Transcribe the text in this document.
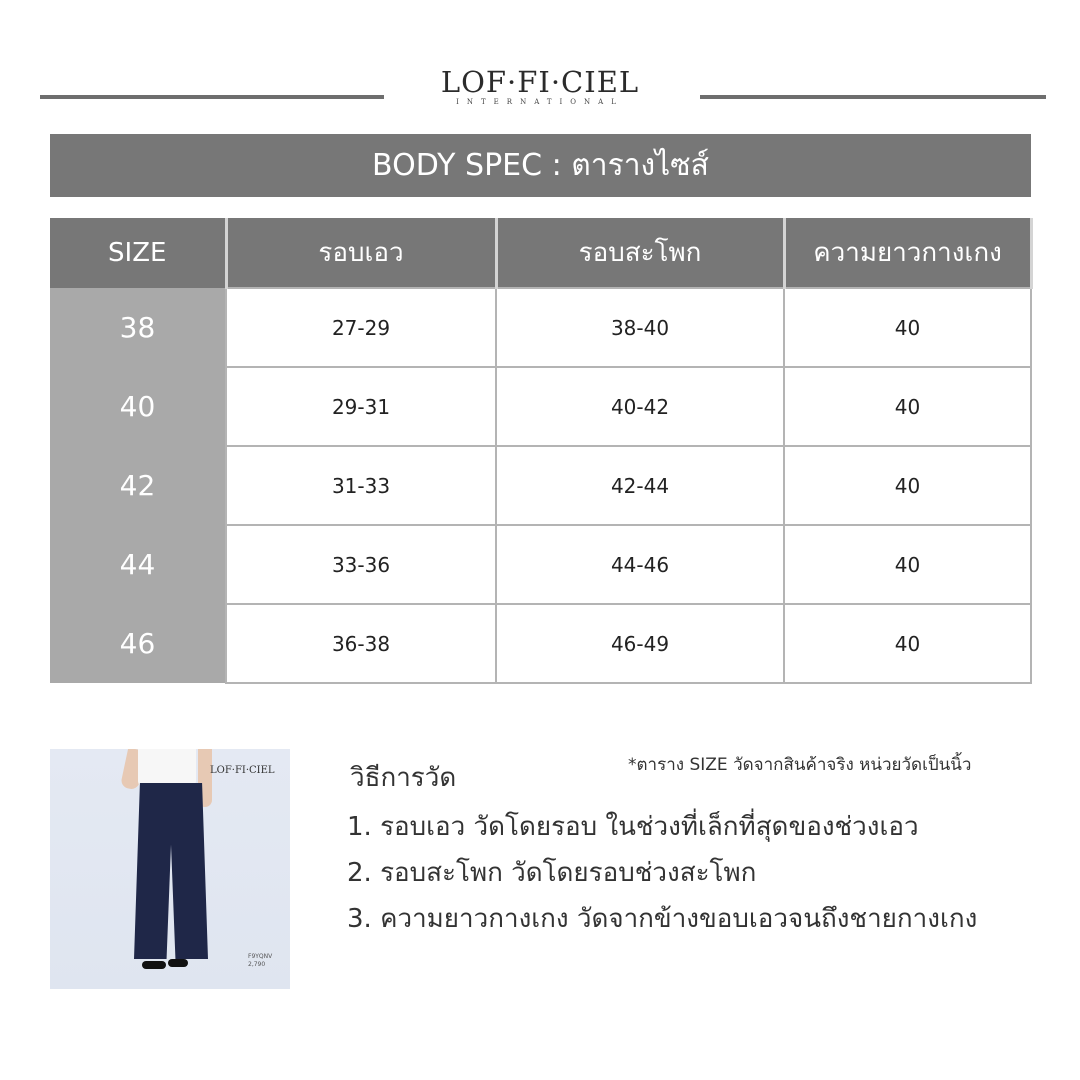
LOF·FI·CIEL
INTERNATIONAL
BODY SPEC : ตารางไซส์
SIZE	รอบเอว	รอบสะโพก	ความยาวกางเกง
38	27-29	38-40	40
40	29-31	40-42	40
42	31-33	42-44	40
44	33-36	44-46	40
46	36-38	46-49	40
LOF·FI·CIEL
F9YQNV
2,790
วิธีการวัด	*ตาราง SIZE วัดจากสินค้าจริง หน่วยวัดเป็นนิ้ว
1. รอบเอว วัดโดยรอบ ในช่วงที่เล็กที่สุดของช่วงเอว
2. รอบสะโพก วัดโดยรอบช่วงสะโพก
3. ความยาวกางเกง วัดจากข้างขอบเอวจนถึงชายกางเกง
